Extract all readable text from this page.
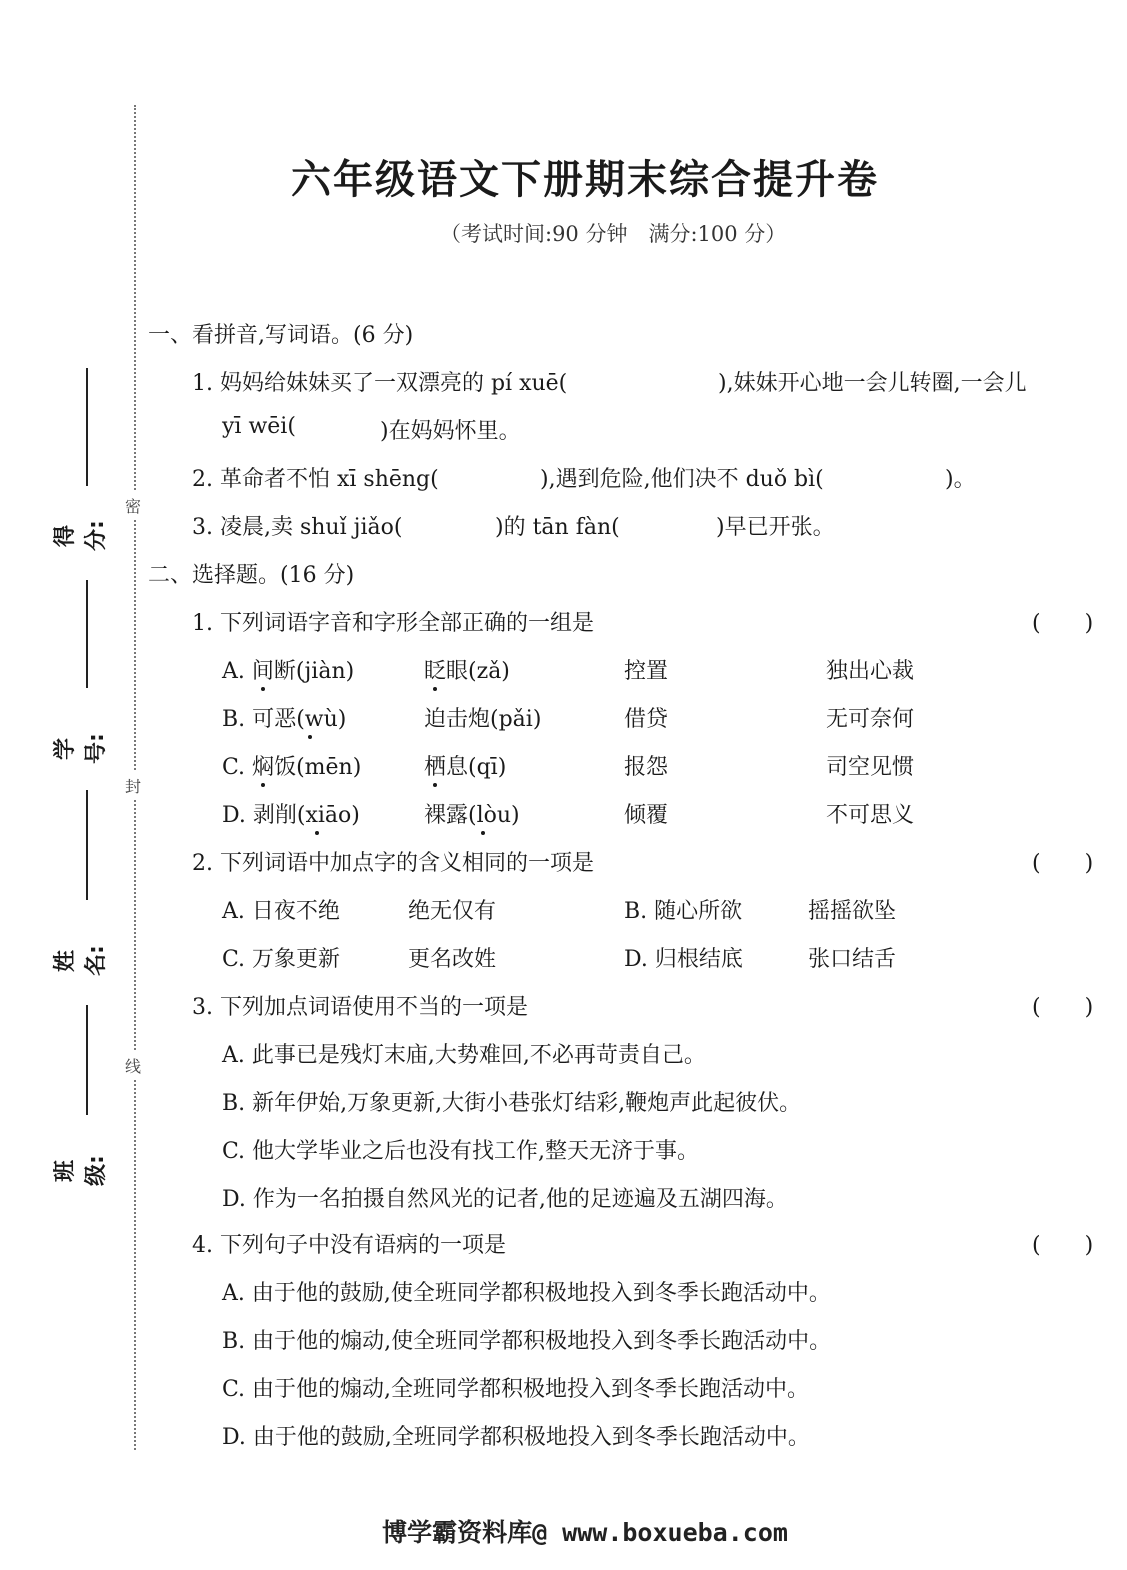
密
封
线
得分:
学号:
姓名:
班级:
六年级语文下册期末综合提升卷
（考试时间:90 分钟　满分:100 分）
一、看拼音,写词语。(6 分)
1. 妈妈给妹妹买了一双漂亮的 pí xuē(	),妹妹开心地一会儿转圈,一会儿
yī wēi(	)在妈妈怀里。
2. 革命者不怕 xī shēng(	),遇到危险,他们决不 duǒ bì(	)。
3. 凌晨,卖 shuǐ jiǎo(	)的 tān fàn(	)早已开张。
二、选择题。(16 分)
1. 下列词语字音和字形全部正确的一组是	(　　)
A. 间断(jiàn)	眨眼(zǎ)	控置	独出心裁
B. 可恶(wù)	迫击炮(pǎi)	借贷	无可奈何
C. 焖饭(mēn)	栖息(qī)	报怨	司空见惯
D. 剥削(xiāo)	裸露(lòu)	倾覆	不可思义
2. 下列词语中加点字的含义相同的一项是	(　　)
A. 日夜不绝	绝无仅有	B. 随心所欲	摇摇欲坠
C. 万象更新	更名改姓	D. 归根结底	张口结舌
3. 下列加点词语使用不当的一项是	(　　)
A. 此事已是残灯末庙,大势难回,不必再苛责自己。
B. 新年伊始,万象更新,大街小巷张灯结彩,鞭炮声此起彼伏。
C. 他大学毕业之后也没有找工作,整天无济于事。
D. 作为一名拍摄自然风光的记者,他的足迹遍及五湖四海。
4. 下列句子中没有语病的一项是	(　　)
A. 由于他的鼓励,使全班同学都积极地投入到冬季长跑活动中。
B. 由于他的煽动,使全班同学都积极地投入到冬季长跑活动中。
C. 由于他的煽动,全班同学都积极地投入到冬季长跑活动中。
D. 由于他的鼓励,全班同学都积极地投入到冬季长跑活动中。
博学霸资料库@ www.boxueba.com
